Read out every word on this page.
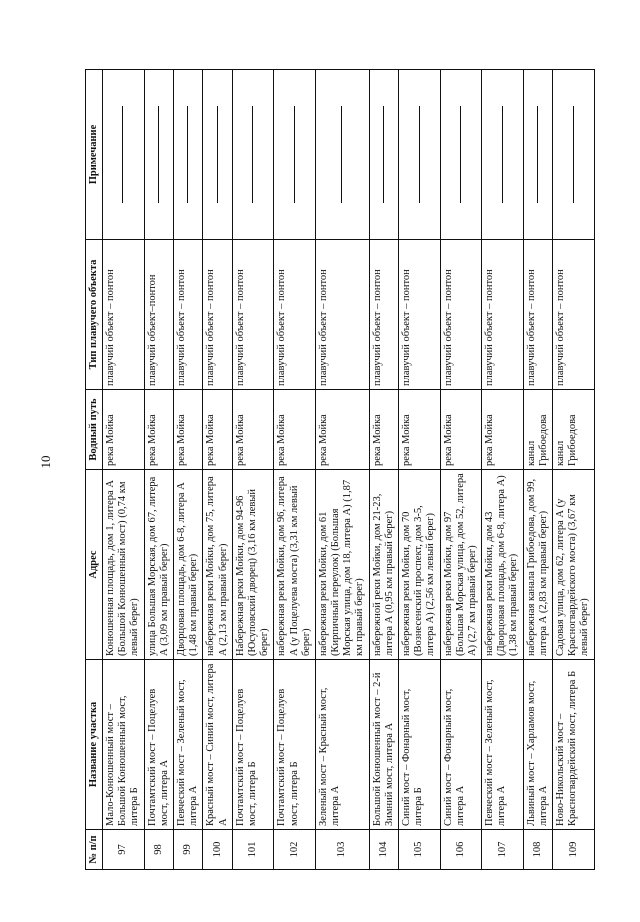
10
№ п/п	Название участка	Адрес	Водный путь	Тип плавучего объекта	Примечание
97	Мало-Конюшенный мост – Большой Конюшенный мост, литера Б	Конюшенная площадь, дом 1, литера А (Большой Конюшенный мост) (0,74 км левый берег)	река Мойка	плавучий объект – понтон	
98	Почтамтский мост – Поцелуев мост, литера А	улица Большая Морская, дом 67, литера А (3,09 км правый берег)	река Мойка	плавучий объект–понтон	
99	Певческий мост – Зеленый мост, литера А	Дворцовая площадь, дом 6-8, литера А (1,48 км правый берег)	река Мойка	плавучий объект – понтон	
100	Красный мост – Синий мост, литера А	набережная реки Мойки, дом 75, литера А (2,13 км правый берег)	река Мойка	плавучий объект – понтон	
101	Почтамтский мост – Поцелуев мост, литера Б	Набережная реки Мойки, дом 94-96 (Юсуповский дворец) (3,16 км левый берег)	река Мойка	плавучий объект – понтон	
102	Почтамтский мост – Поцелуев мост, литера Б	набережная реки Мойки, дом 96, литера А (у Поцелуева моста) (3,31 км левый берег)	река Мойка	плавучий объект – понтон	
103	Зеленый мост – Красный мост, литера А	набережная реки Мойки, дом 61 (Кирпичный переулок) (Большая Морская улица, дом 18, литера А) (1,87 км правый берег)	река Мойка	плавучий объект – понтон	
104	Большой Конюшенный мост – 2-й Зимний мост, литера А	набережной реки Мойки, дом 21-23, литера А (0,95 км правый берег)	река Мойка	плавучий объект – понтон	
105	Синий мост – Фонарный мост, литера Б	набережная реки Мойки, дом 70 (Вознесенский проспект, дом 3-5, литера А) (2,56 км левый берег)	река Мойка	плавучий объект – понтон	
106	Синий мост – Фонарный мост, литера А	набережная реки Мойки, дом 97 (Большая Морская улица, дом 52, литера А) (2,7 км правый берег)	река Мойка	плавучий объект – понтон	
107	Певческий мост – Зеленый мост, литера А	набережная реки Мойки, дом 43 (Дворцовая площадь, дом 6-8, литера А) (1,38 км правый берег)	река Мойка	плавучий объект – понтон	
108	Львиный мост – Харламов мост, литера А	набережная канала Грибоедова, дом 99, литера А (2,83 км правый берег)	канал Грибоедова	плавучий объект – понтон	
109	Ново-Никольский мост – Красногвардейский мост, литера Б	Садовая улица, дом 62, литера А (у Красногвардейского моста) (3,67 км левый берег)	канал Грибоедова	плавучий объект – понтон	
